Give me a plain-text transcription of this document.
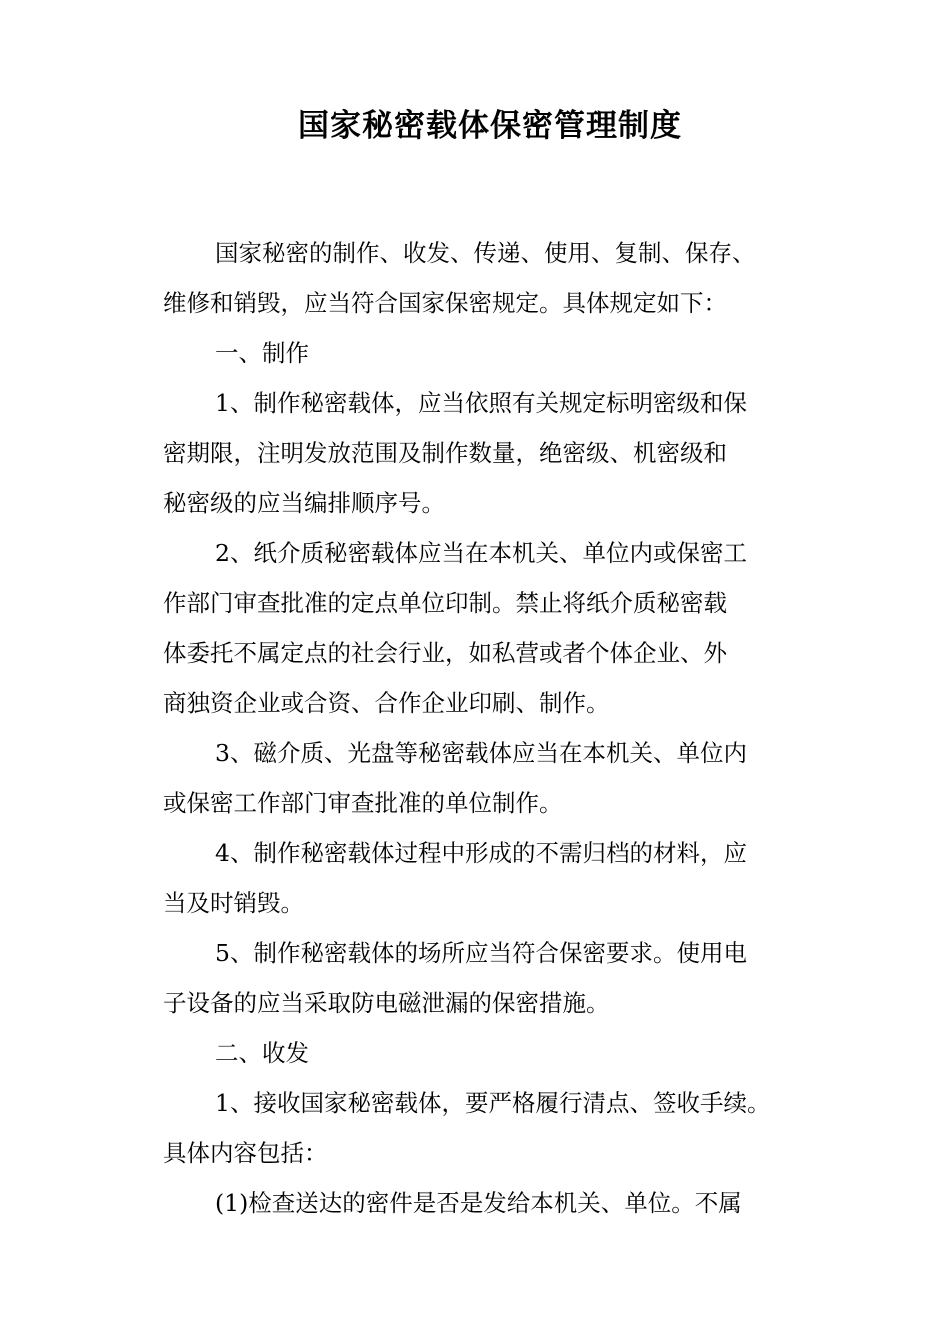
国家秘密载体保密管理制度
国家秘密的制作、收发、传递、使用、复制、保存、
维修和销毁，应当符合国家保密规定。具体规定如下：
一、制作
1、制作秘密载体，应当依照有关规定标明密级和保
密期限，注明发放范围及制作数量，绝密级、机密级和
秘密级的应当编排顺序号。
2、纸介质秘密载体应当在本机关、单位内或保密工
作部门审查批准的定点单位印制。禁止将纸介质秘密载
体委托不属定点的社会行业，如私营或者个体企业、外
商独资企业或合资、合作企业印刷、制作。
3、磁介质、光盘等秘密载体应当在本机关、单位内
或保密工作部门审查批准的单位制作。
4、制作秘密载体过程中形成的不需归档的材料，应
当及时销毁。
5、制作秘密载体的场所应当符合保密要求。使用电
子设备的应当采取防电磁泄漏的保密措施。
二、收发
1、接收国家秘密载体，要严格履行清点、签收手续。
具体内容包括：
(1)检查送达的密件是否是发给本机关、单位。不属
